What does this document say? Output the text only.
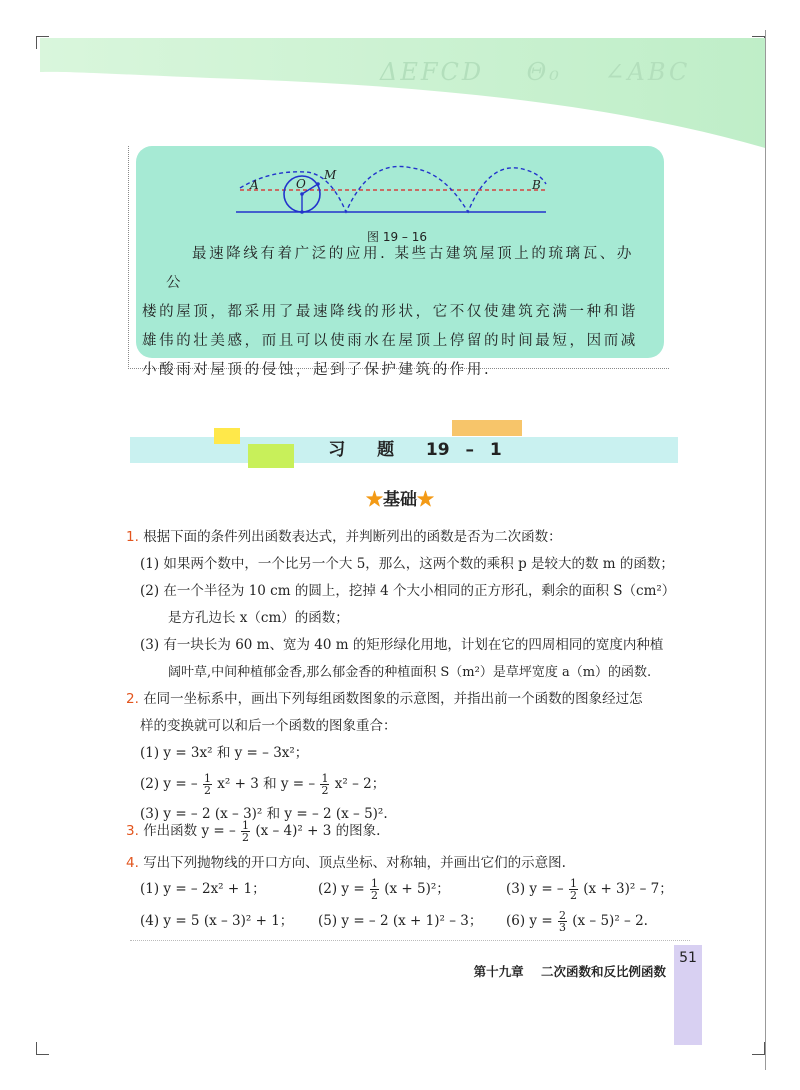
ΔEFCD    Θ₀    ∠ABC
A	O
M
B
图 19 – 16

最速降线有着广泛的应用. 某些古建筑屋顶上的琉璃瓦、办公

楼的屋顶，都采用了最速降线的形状，它不仅使建筑充满一种和谐

雄伟的壮美感，而且可以使雨水在屋顶上停留的时间最短，因而减

小酸雨对屋顶的侵蚀，起到了保护建筑的作用.

习  题  19 – 1
★基础★
1. 根据下面的条件列出函数表达式，并判断列出的函数是否为二次函数：
(1) 如果两个数中，一个比另一个大 5，那么，这两个数的乘积 p 是较大的数 m 的函数；
(2) 在一个半径为 10 cm 的圆上，挖掉 4 个大小相同的正方形孔，剩余的面积 S（cm²）
是方孔边长 x（cm）的函数；
(3) 有一块长为 60 m、宽为 40 m 的矩形绿化用地，计划在它的四周相同的宽度内种植
阔叶草,中间种植郁金香,那么郁金香的种植面积 S（m²）是草坪宽度 a（m）的函数.
2. 在同一坐标系中，画出下列每组函数图象的示意图，并指出前一个函数的图象经过怎
样的变换就可以和后一个函数的图象重合：
(1) y = 3x² 和 y = – 3x²；
(2) y = – $\frac{1}{2} x^2 + 3$ 和 y = – $\frac{1}{2} x^2 - 2$；
(3) y = – 2 (x – 3)² 和 y = – 2 (x – 5)².
3. 作出函数 y = – $\frac{1}{2} (x - 4)^2 + 3$ 的图象.
4. 写出下列抛物线的开口方向、顶点坐标、对称轴，并画出它们的示意图.
(1) y = – 2x² + 1；	(2) $y = \frac{1}{2} (x + 5)^2$；	(3) y = – $\frac{1}{2} (x + 3)^2 - 7$；
(4) y = 5 (x – 3)² + 1； (5) y = – 2 (x + 1)² – 3； (6) $y = \frac{2}{3} (x - 5)^2 - 2$.
51
第十九章    二次函数和反比例函数
